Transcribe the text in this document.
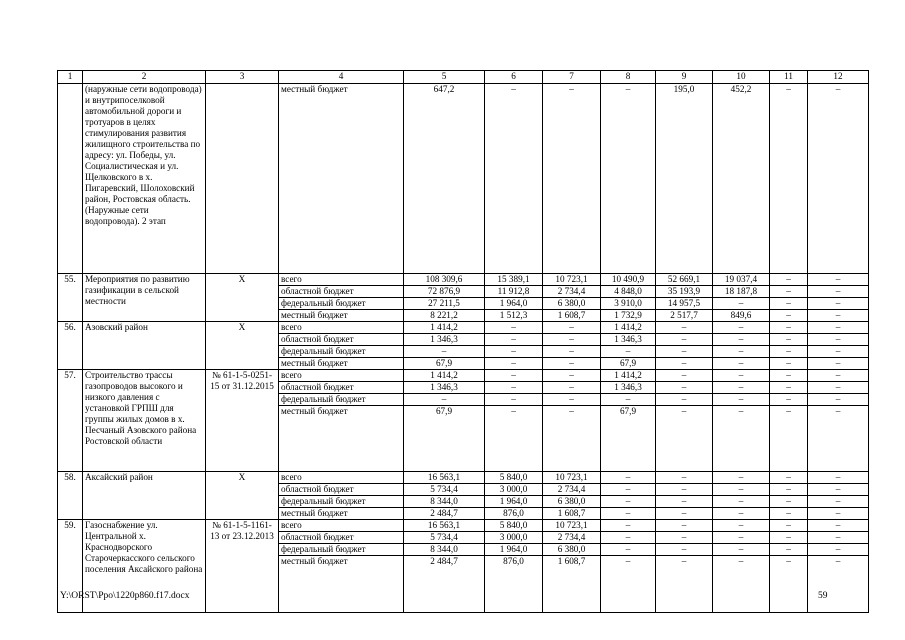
1	2	3	4	5	6	7	8	9	10	11	12
	(наружные сети водопровода) и внутрипоселковой автомобильной дороги и тротуаров в целях стимулирования развития жилищного строительства по адресу: ул. Победы, ул. Социалистическая и ул. Щелковского в х. Пигаревский, Шолоховский район, Ростовская область. (Наружные сети водопровода). 2 этап		местный бюджет	647,2	–	–	–	195,0	452,2	–	–
55.	Мероприятия по развитию газификации в сельской местности	Х	всего	108 309,6	15 389,1	10 723,1	10 490,9	52 669,1	19 037,4	–	–
			областной бюджет	72 876,9	11 912,8	2 734,4	4 848,0	35 193,9	18 187,8	–	–
			федеральный бюджет	27 211,5	1 964,0	6 380,0	3 910,0	14 957,5	–	–	–
			местный бюджет	8 221,2	1 512,3	1 608,7	1 732,9	2 517,7	849,6	–	–
56.	Азовский район	Х	всего	1 414,2	–	–	1 414,2	–	–	–	–
			областной бюджет	1 346,3	–	–	1 346,3	–	–	–	–
			федеральный бюджет	–	–	–	–	–	–	–	–
			местный бюджет	67,9	–	–	67,9	–	–	–	–
57.	Строительство трассы газопроводов высокого и низкого давления с установкой ГРПШ для группы жилых домов в х. Песчаный Азовского района Ростовской области	№ 61-1-5-0251-15 от 31.12.2015	всего	1 414,2	–	–	1 414,2	–	–	–	–
			областной бюджет	1 346,3	–	–	1 346,3	–	–	–	–
			федеральный бюджет	–	–	–	–	–	–	–	–
			местный бюджет	67,9	–	–	67,9	–	–	–	–
58.	Аксайский район	Х	всего	16 563,1	5 840,0	10 723,1	–	–	–	–	–
			областной бюджет	5 734,4	3 000,0	2 734,4	–	–	–	–	–
			федеральный бюджет	8 344,0	1 964,0	6 380,0	–	–	–	–	–
			местный бюджет	2 484,7	876,0	1 608,7	–	–	–	–	–
59.	Газоснабжение ул. Центральной х. Краснодворского Старочеркасского сельского поселения Аксайского района	№ 61-1-5-1161-13 от 23.12.2013	всего	16 563,1	5 840,0	10 723,1	–	–	–	–	–
			областной бюджет	5 734,4	3 000,0	2 734,4	–	–	–	–	–
			федеральный бюджет	8 344,0	1 964,0	6 380,0	–	–	–	–	–
			местный бюджет	2 484,7	876,0	1 608,7	–	–	–	–	–
Y:\ORST\Ppo\1220p860.f17.docx	59
